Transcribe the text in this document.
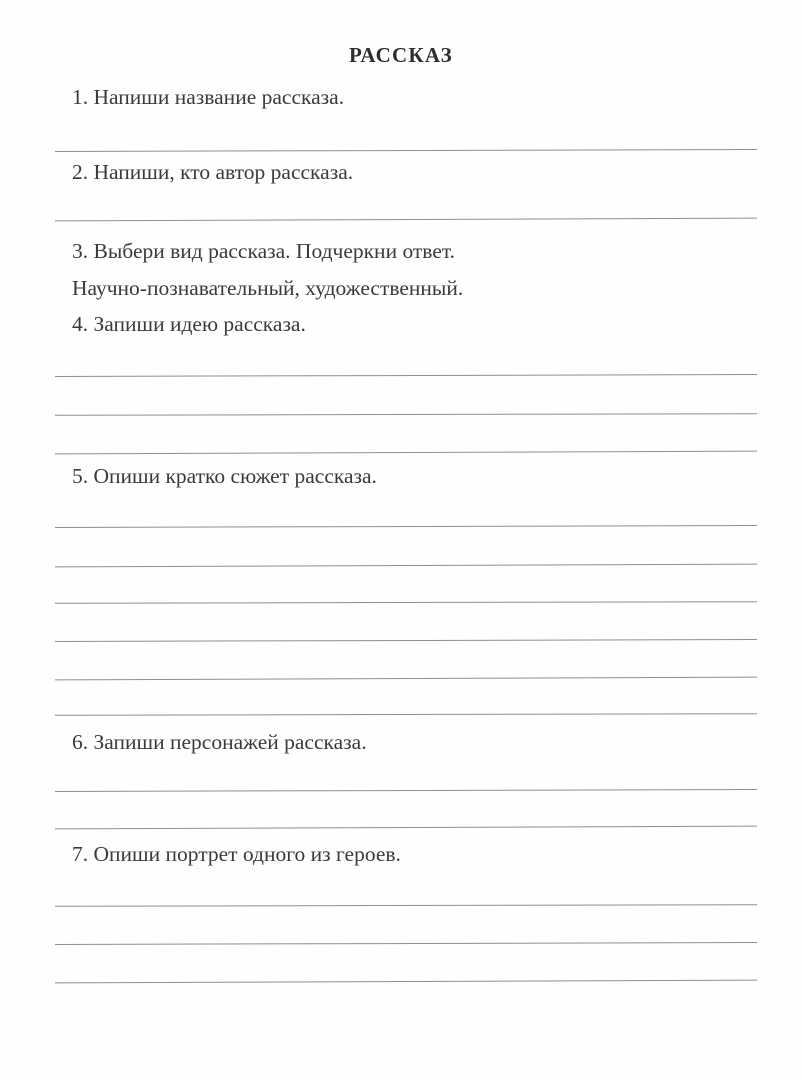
РАССКАЗ
1. Напиши название рассказа.
2. Напиши, кто автор рассказа.
3. Выбери вид рассказа. Подчеркни ответ.
Научно-познавательный, художественный.
4. Запиши идею рассказа.
5. Опиши кратко сюжет рассказа.
6. Запиши персонажей рассказа.
7. Опиши портрет одного из героев.
